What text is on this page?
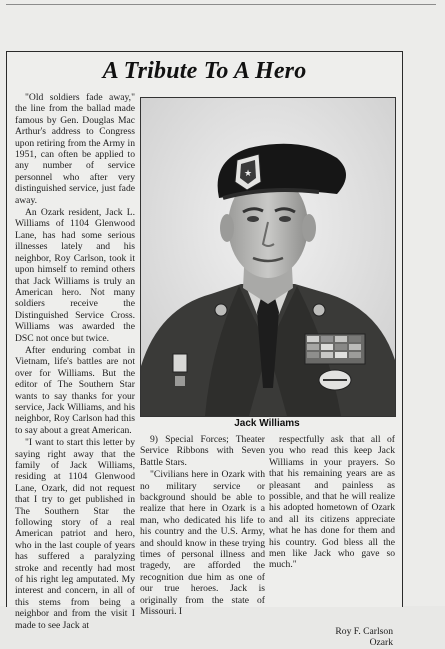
A Tribute To A Hero

"Old soldiers fade away," the line from the ballad made famous by Gen. Douglas Mac Arthur's address to Congress upon retiring from the Army in 1951, can often be applied to any number of service personnel who after very distinguished service, just fade away.

An Ozark resident, Jack L. Williams of 1104 Glenwood Lane, has had some serious illnesses lately and his neighbor, Roy Carlson, took it upon himself to remind others that Jack Williams is truly an American hero. Not many soldiers receive the Distinguished Service Cross. Williams was awarded the DSC not once but twice.

After enduring combat in Vietnam, life's battles are not over for Williams. But the editor of The Southern Star wants to say thanks for your service, Jack Williams, and his neighbor, Roy Carlson had this to say about a great American.

"I want to start this letter by saying right away that the family of Jack Williams, residing at 1104 Glenwood Lane, Ozark, did not request that I try to get published in The Southern Star the following story of a real American patriot and hero, who in the last couple of years has suffered a paralyzing stroke and recently had most of his right leg amputated. My interest and concern, in all of this stems from being a neighbor and from the visit I made to see Jack at

★
Jack Williams

9) Special Forces; Theater Service Ribbons with Seven Battle Stars.

"Civilians here in Ozark with no military service or background should be able to realize that here in Ozark is a man, who dedicated his life to his country and the U.S. Army, and should know in these trying times of personal illness and tragedy, are afforded the recognition due him as one of our true heroes. Jack is originally from the state of Missouri. I

respectfully ask that all of you who read this keep Jack Williams in your prayers. So that his remaining years are as pleasant and painless as possible, and that he will realize his adopted hometown of Ozark and all its citizens appreciate what he has done for them and his country. God bless all the men like Jack who gave so much."

Roy F. Carlson
Ozark
